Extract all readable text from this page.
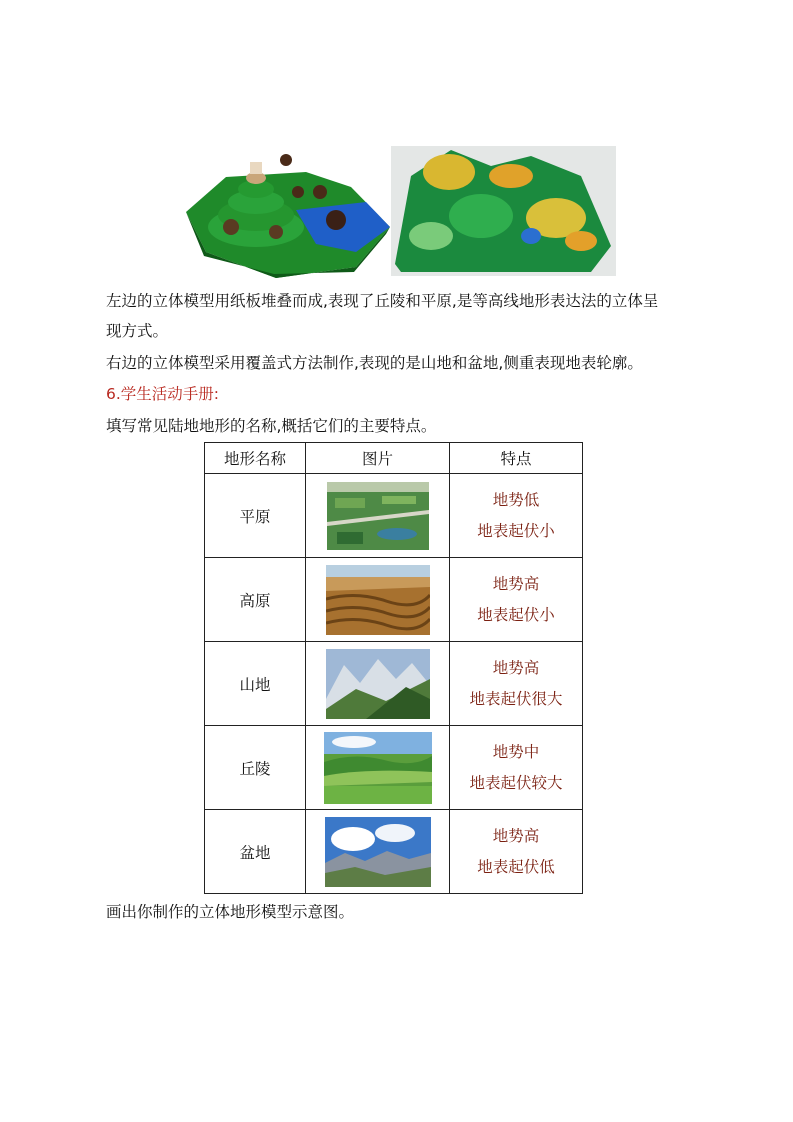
左边的立体模型用纸板堆叠而成,表现了丘陵和平原,是等高线地形表达法的立体呈
现方式。
右边的立体模型采用覆盖式方法制作,表现的是山地和盆地,侧重表现地表轮廓。
6.学生活动手册:
填写常见陆地地形的名称,概括它们的主要特点。
地形名称	图片	特点
平原		地势低
地表起伏小

高原		地势高
地表起伏小

山地		地势高
地表起伏很大

丘陵		地势中
地表起伏较大

盆地		地势高
地表起伏低
画出你制作的立体地形模型示意图。
